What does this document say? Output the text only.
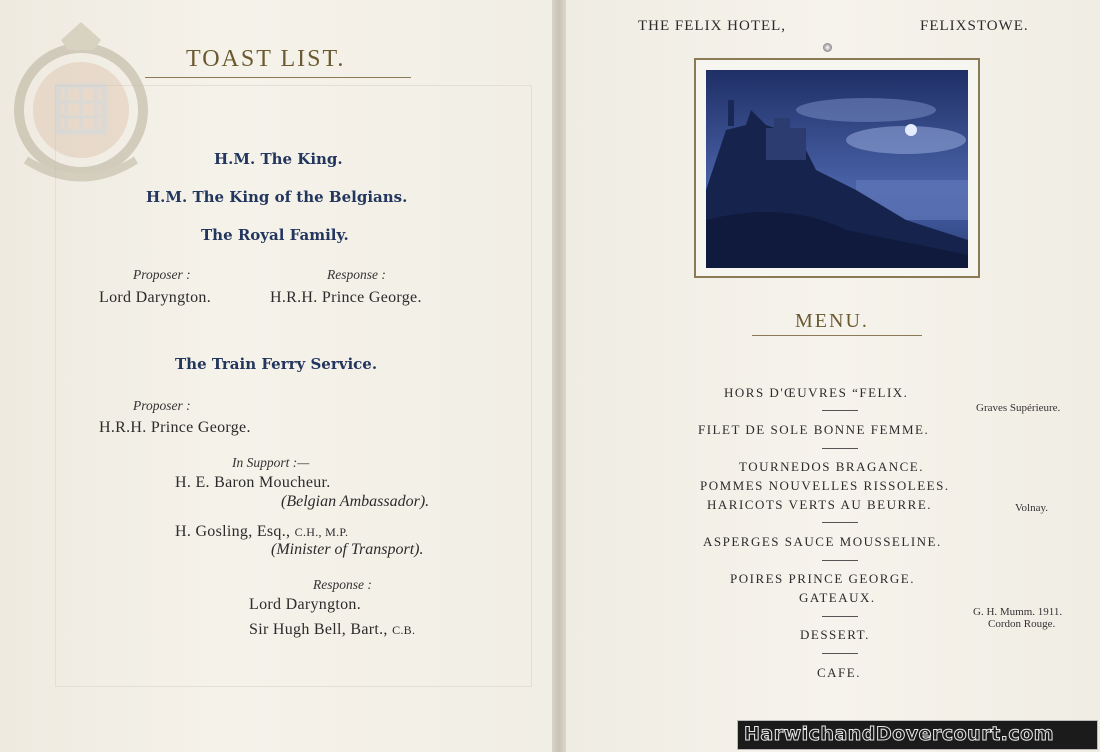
TOAST LIST.
H.M. The King.
H.M. The King of the Belgians.
The Royal Family.
Proposer :	Response :
Lord Daryngton.	H.R.H. Prince George.
The Train Ferry Service.
Proposer :
H.R.H. Prince George.
In Support :—
H. E. Baron Moucheur.
(Belgian Ambassador).
H. Gosling, Esq., C.H., M.P.
(Minister of Transport).
Response :
Lord Daryngton.
Sir Hugh Bell, Bart., C.B.
THE FELIX HOTEL,	FELIXSTOWE.
MENU.
HORS D'ŒUVRES “FELIX.
FILET DE SOLE BONNE FEMME.
TOURNEDOS BRAGANCE.
POMMES NOUVELLES RISSOLEES.
HARICOTS VERTS AU BEURRE.
ASPERGES SAUCE MOUSSELINE.
POIRES PRINCE GEORGE.
GATEAUX.
DESSERT.
CAFE.
Graves Supérieure.
Volnay.
G. H. Mumm. 1911.
Cordon Rouge.
HarwichandDovercourt.com
